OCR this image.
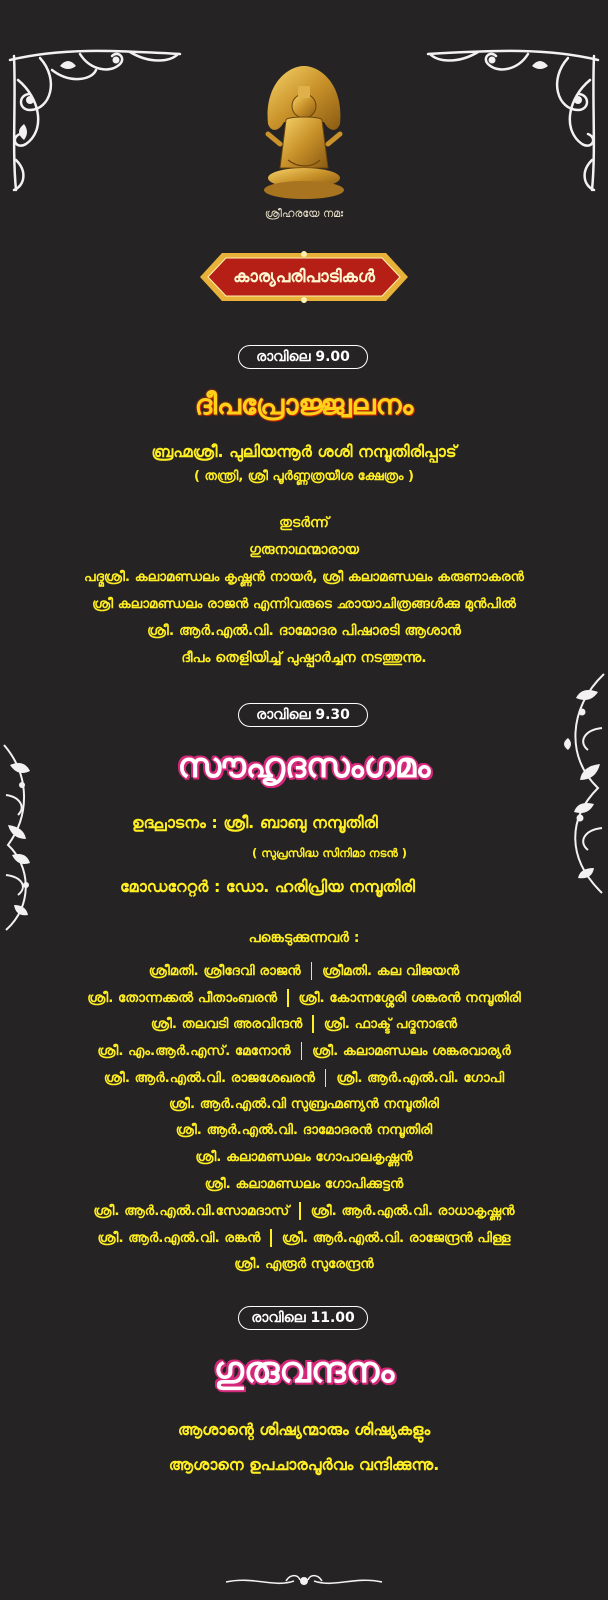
ശ്രീഹരയേ നമഃ
കാര്യപരിപാടികൾ
രാവിലെ 9.00
ദീപപ്രോജ്ജ്വലനം
ബ്രഹ്മശ്രീ. പുലിയന്നൂർ ശശി നമ്പൂതിരിപ്പാട്
( തന്ത്രി, ശ്രീ പൂർണ്ണത്രയീശ ക്ഷേത്രം )
തുടർന്ന്
ഗുരുനാഥന്മാരായ
പദ്മശ്രീ. കലാമണ്ഡലം കൃഷ്ണൻ നായർ, ശ്രീ കലാമണ്ഡലം കരുണാകരൻ
ശ്രീ കലാമണ്ഡലം രാജൻ എന്നിവരുടെ ഛായാചിത്രങ്ങൾക്കു മുൻപിൽ
ശ്രീ. ആർ.എൽ.വി. ദാമോദര പിഷാരടി ആശാൻ
ദീപം തെളിയിച്ച് പുഷ്പാർച്ചന നടത്തുന്നു.
രാവിലെ 9.30
സൗഹൃദസംഗമം
ഉദ്ഘാടനം : ശ്രീ. ബാബു നമ്പൂതിരി
( സുപ്രസിദ്ധ സിനിമാ നടൻ )
മോഡറേറ്റർ : ഡോ. ഹരിപ്രിയ നമ്പൂതിരി
പങ്കെടുക്കുന്നവർ :
ശ്രീമതി. ശ്രീദേവി രാജൻ ശ്രീമതി. കല വിജയൻ
ശ്രീ. തോന്നക്കൽ പീതാംബരൻ ശ്രീ. കോന്നശ്ശേരി ശങ്കരൻ നമ്പൂതിരി
ശ്രീ. തലവടി അരവിന്ദൻ ശ്രീ. ഫാക്ട് പദ്മനാഭൻ
ശ്രീ. എം.ആർ.എസ്. മേനോൻ ശ്രീ. കലാമണ്ഡലം ശങ്കരവാര്യർ
ശ്രീ. ആർ.എൽ.വി. രാജശേഖരൻ ശ്രീ. ആർ.എൽ.വി. ഗോപി
ശ്രീ. ആർ.എൽ.വി സുബ്രഹ്മണ്യൻ നമ്പൂതിരി
ശ്രീ. ആർ.എൽ.വി. ദാമോദരൻ നമ്പൂതിരി
ശ്രീ. കലാമണ്ഡലം ഗോപാലകൃഷ്ണൻ
ശ്രീ. കലാമണ്ഡലം ഗോപിക്കുട്ടൻ
ശ്രീ. ആർ.എൽ.വി.സോമദാസ് ശ്രീ. ആർ.എൽ.വി. രാധാകൃഷ്ണൻ
ശ്രീ. ആർ.എൽ.വി. രങ്കൻ ശ്രീ. ആർ.എൽ.വി. രാജേന്ദ്രൻ പിള്ള
ശ്രീ. എരൂർ സുരേന്ദ്രൻ
രാവിലെ 11.00
ഗുരുവന്ദനം
ആശാന്റെ ശിഷ്യന്മാരും ശിഷ്യകളും
ആശാനെ ഉപചാരപൂർവം വന്ദിക്കുന്നു.
